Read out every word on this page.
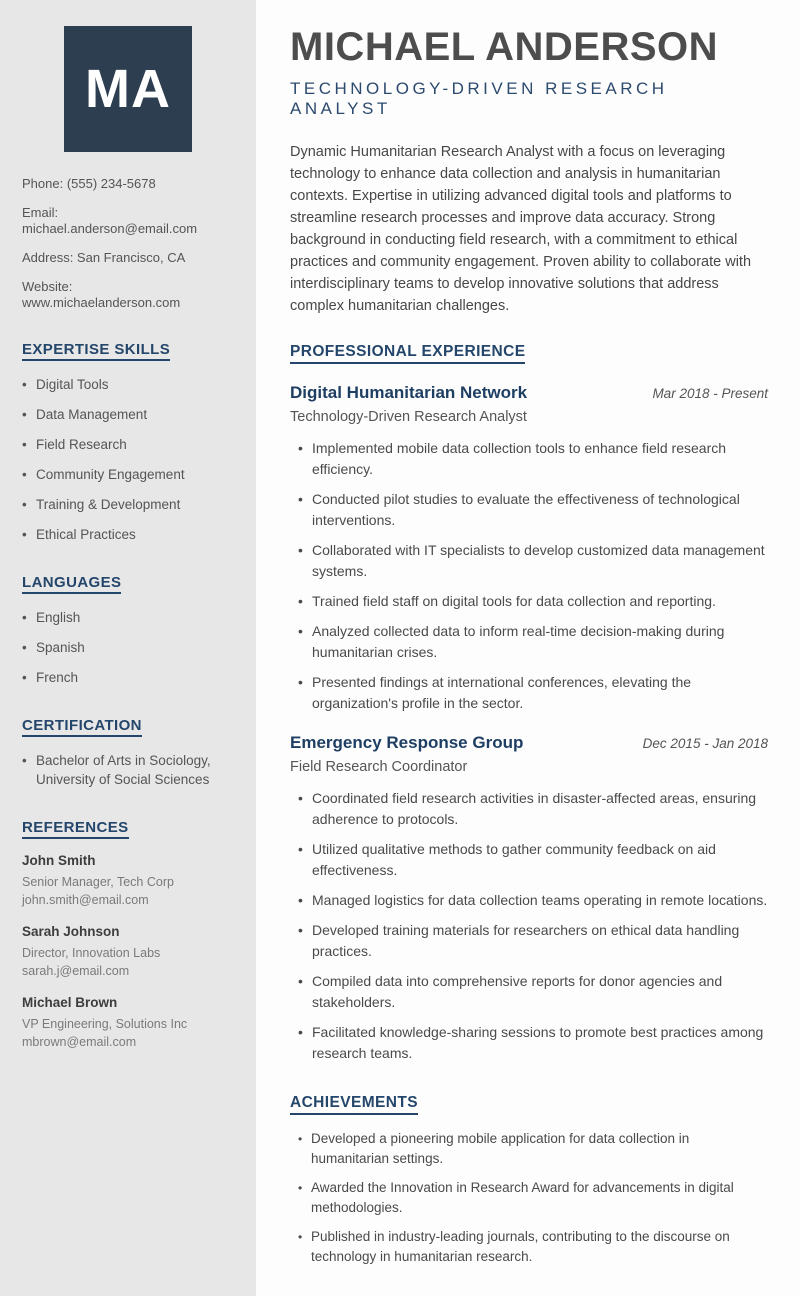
MA
Phone: (555) 234-5678
Email: michael.anderson@email.com
Address: San Francisco, CA
Website: www.michaelanderson.com
EXPERTISE SKILLS
• Digital Tools
• Data Management
• Field Research
• Community Engagement
• Training & Development
• Ethical Practices
LANGUAGES
• English
• Spanish
• French
CERTIFICATION
• Bachelor of Arts in Sociology, University of Social Sciences
REFERENCES
John Smith
Senior Manager, Tech Corp
john.smith@email.com
Sarah Johnson
Director, Innovation Labs
sarah.j@email.com
Michael Brown
VP Engineering, Solutions Inc
mbrown@email.com
MICHAEL ANDERSON
TECHNOLOGY-DRIVEN RESEARCH ANALYST

Dynamic Humanitarian Research Analyst with a focus on leveraging technology to enhance data collection and analysis in humanitarian contexts. Expertise in utilizing advanced digital tools and platforms to streamline research processes and improve data accuracy. Strong background in conducting field research, with a commitment to ethical practices and community engagement. Proven ability to collaborate with interdisciplinary teams to develop innovative solutions that address complex humanitarian challenges.

PROFESSIONAL EXPERIENCE
Digital Humanitarian Network	Mar 2018 - Present
Technology-Driven Research Analyst
• Implemented mobile data collection tools to enhance field research efficiency.
• Conducted pilot studies to evaluate the effectiveness of technological interventions.
• Collaborated with IT specialists to develop customized data management systems.
• Trained field staff on digital tools for data collection and reporting.
• Analyzed collected data to inform real-time decision-making during humanitarian crises.
• Presented findings at international conferences, elevating the organization's profile in the sector.
Emergency Response Group	Dec 2015 - Jan 2018
Field Research Coordinator
• Coordinated field research activities in disaster-affected areas, ensuring adherence to protocols.
• Utilized qualitative methods to gather community feedback on aid effectiveness.
• Managed logistics for data collection teams operating in remote locations.
• Developed training materials for researchers on ethical data handling practices.
• Compiled data into comprehensive reports for donor agencies and stakeholders.
• Facilitated knowledge-sharing sessions to promote best practices among research teams.
ACHIEVEMENTS
• Developed a pioneering mobile application for data collection in humanitarian settings.
• Awarded the Innovation in Research Award for advancements in digital methodologies.
• Published in industry-leading journals, contributing to the discourse on technology in humanitarian research.
